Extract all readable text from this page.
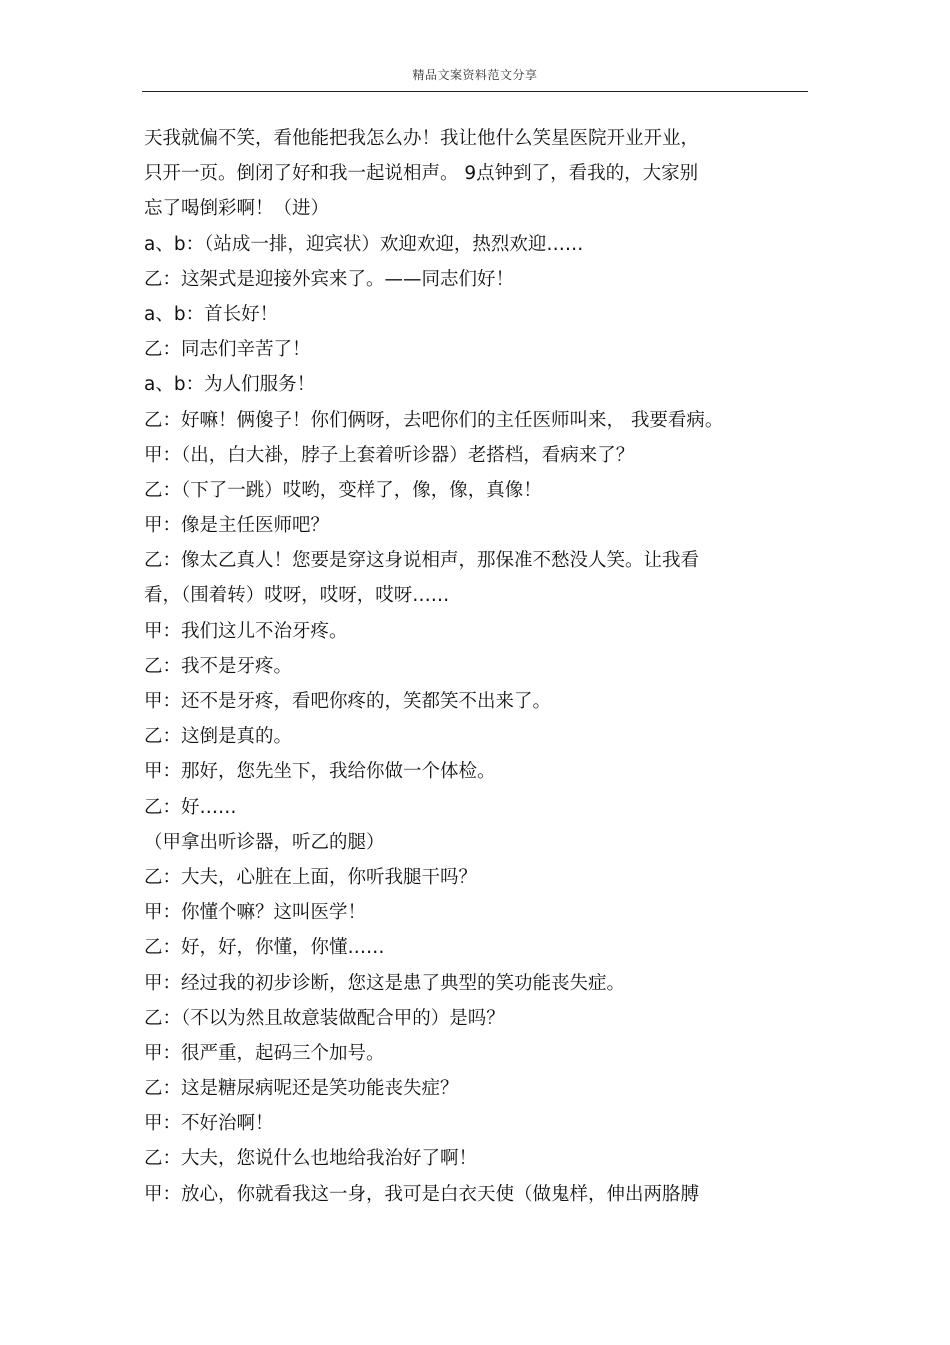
精品文案资料范文分享
天我就偏不笑，看他能把我怎么办！我让他什么笑星医院开业开业，
只开一页。倒闭了好和我一起说相声。 9点钟到了，看我的，大家别
忘了喝倒彩啊！（进）
a、b：（站成一排，迎宾状）欢迎欢迎，热烈欢迎……
乙：这架式是迎接外宾来了。——同志们好！
a、b：首长好！
乙：同志们辛苦了！
a、b：为人们服务！
乙：好嘛！俩傻子！你们俩呀，去吧你们的主任医师叫来， 我要看病。
甲：（出，白大褂，脖子上套着听诊器）老搭档，看病来了？
乙：（下了一跳）哎哟，变样了，像，像，真像！
甲：像是主任医师吧？
乙：像太乙真人！您要是穿这身说相声，那保准不愁没人笑。让我看
看，（围着转）哎呀，哎呀，哎呀……
甲：我们这儿不治牙疼。
乙：我不是牙疼。
甲：还不是牙疼，看吧你疼的，笑都笑不出来了。
乙：这倒是真的。
甲：那好，您先坐下，我给你做一个体检。
乙：好……
（甲拿出听诊器，听乙的腿）
乙：大夫，心脏在上面，你听我腿干吗？
甲：你懂个嘛？这叫医学！
乙：好，好，你懂，你懂……
甲：经过我的初步诊断，您这是患了典型的笑功能丧失症。
乙：（不以为然且故意装做配合甲的）是吗？
甲：很严重，起码三个加号。
乙：这是糖尿病呢还是笑功能丧失症？
甲：不好治啊！
乙：大夫，您说什么也地给我治好了啊！
甲：放心，你就看我这一身，我可是白衣天使（做鬼样，伸出两胳膊
